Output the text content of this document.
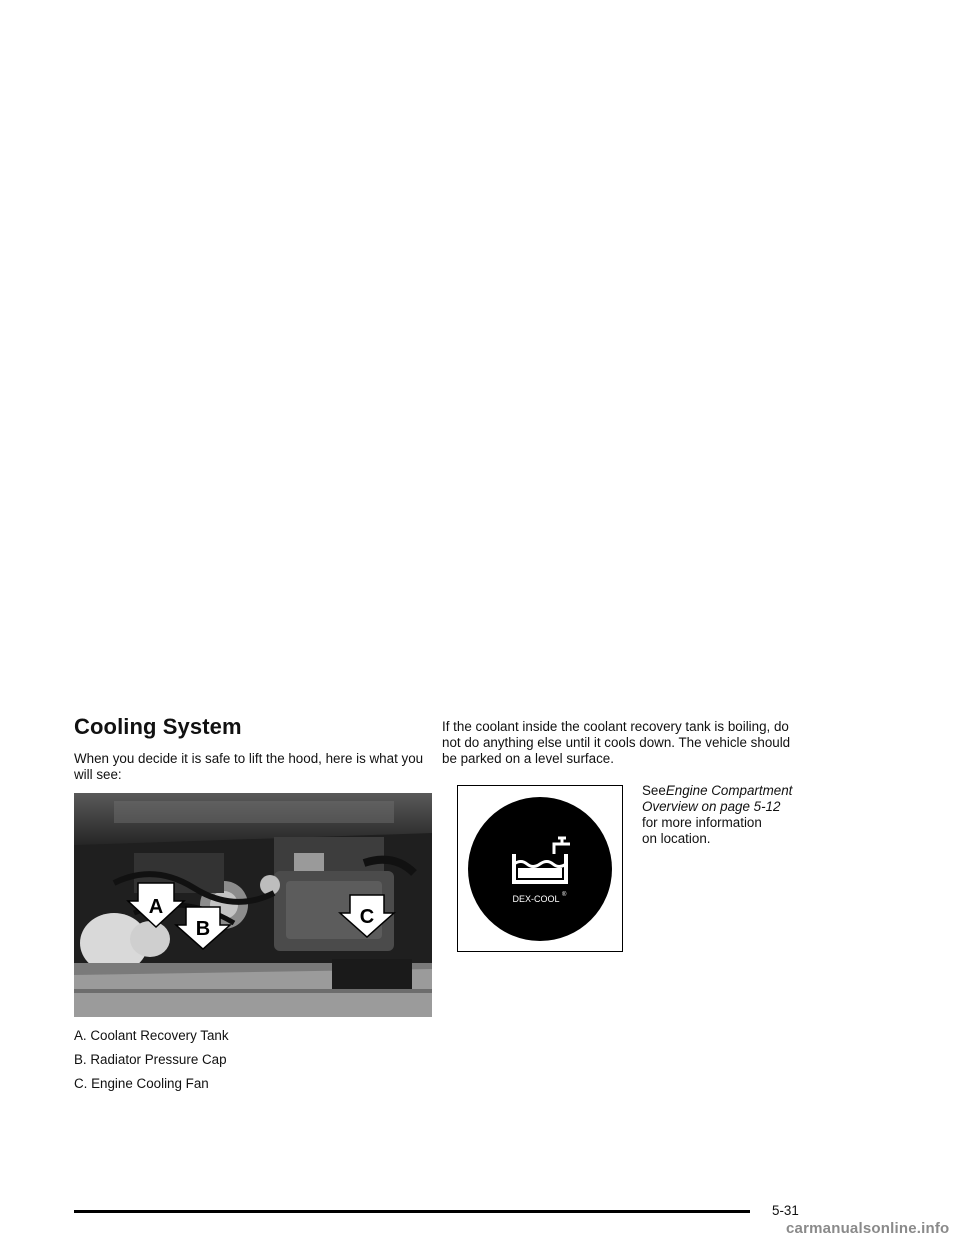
Cooling System

When you decide it is safe to lift the hood, here is what you will see:

A
B
C
A. Coolant Recovery Tank
B. Radiator Pressure Cap
C. Engine Cooling Fan

If the coolant inside the coolant recovery tank is boiling, do not do anything else until it cools down. The vehicle should be parked on a level surface.

DEX-COOL ®

SeeEngine Compartment Overview on page 5-12
for more information
on location.

5-31
carmanualsonline.info
